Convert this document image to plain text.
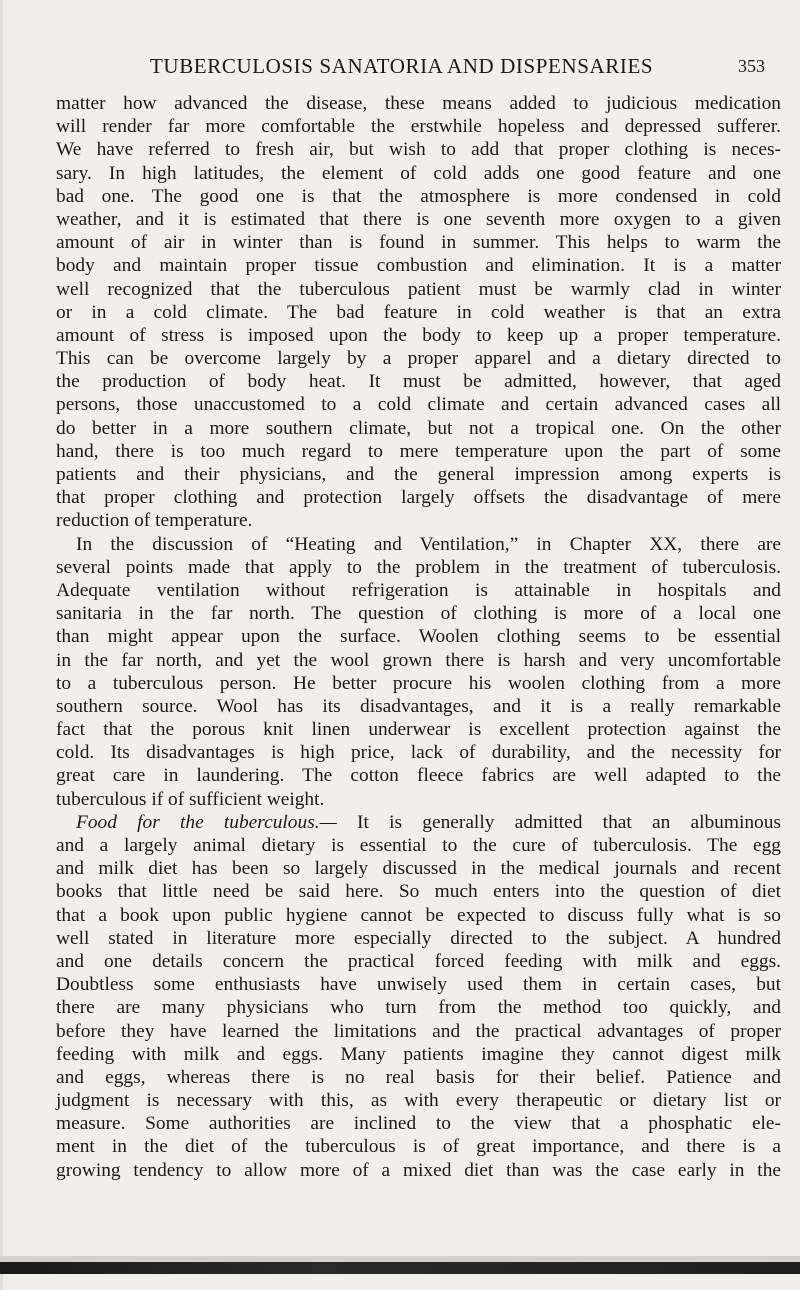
TUBERCULOSIS SANATORIA AND DISPENSARIES	353
matter how advanced the disease, these means added to judicious medication
will render far more comfortable the erstwhile hopeless and depressed sufferer.
We have referred to fresh air, but wish to add that proper clothing is neces-
sary. In high latitudes, the element of cold adds one good feature and one
bad one. The good one is that the atmosphere is more condensed in cold
weather, and it is estimated that there is one seventh more oxygen to a given
amount of air in winter than is found in summer. This helps to warm the
body and maintain proper tissue combustion and elimination. It is a matter
well recognized that the tuberculous patient must be warmly clad in winter
or in a cold climate. The bad feature in cold weather is that an extra
amount of stress is imposed upon the body to keep up a proper temperature.
This can be overcome largely by a proper apparel and a dietary directed to
the production of body heat. It must be admitted, however, that aged
persons, those unaccustomed to a cold climate and certain advanced cases all
do better in a more southern climate, but not a tropical one. On the other
hand, there is too much regard to mere temperature upon the part of some
patients and their physicians, and the general impression among experts is
that proper clothing and protection largely offsets the disadvantage of mere
reduction of temperature.
In the discussion of “Heating and Ventilation,” in Chapter XX, there are
several points made that apply to the problem in the treatment of tuberculosis.
Adequate ventilation without refrigeration is attainable in hospitals and
sanitaria in the far north. The question of clothing is more of a local one
than might appear upon the surface. Woolen clothing seems to be essential
in the far north, and yet the wool grown there is harsh and very uncomfortable
to a tuberculous person. He better procure his woolen clothing from a more
southern source. Wool has its disadvantages, and it is a really remarkable
fact that the porous knit linen underwear is excellent protection against the
cold. Its disadvantages is high price, lack of durability, and the necessity for
great care in laundering. The cotton fleece fabrics are well adapted to the
tuberculous if of sufficient weight.
Food for the tuberculous.— It is generally admitted that an albuminous
and a largely animal dietary is essential to the cure of tuberculosis. The egg
and milk diet has been so largely discussed in the medical journals and recent
books that little need be said here. So much enters into the question of diet
that a book upon public hygiene cannot be expected to discuss fully what is so
well stated in literature more especially directed to the subject. A hundred
and one details concern the practical forced feeding with milk and eggs.
Doubtless some enthusiasts have unwisely used them in certain cases, but
there are many physicians who turn from the method too quickly, and
before they have learned the limitations and the practical advantages of proper
feeding with milk and eggs. Many patients imagine they cannot digest milk
and eggs, whereas there is no real basis for their belief. Patience and
judgment is necessary with this, as with every therapeutic or dietary list or
measure. Some authorities are inclined to the view that a phosphatic ele-
ment in the diet of the tuberculous is of great importance, and there is a
growing tendency to allow more of a mixed diet than was the case early in the
